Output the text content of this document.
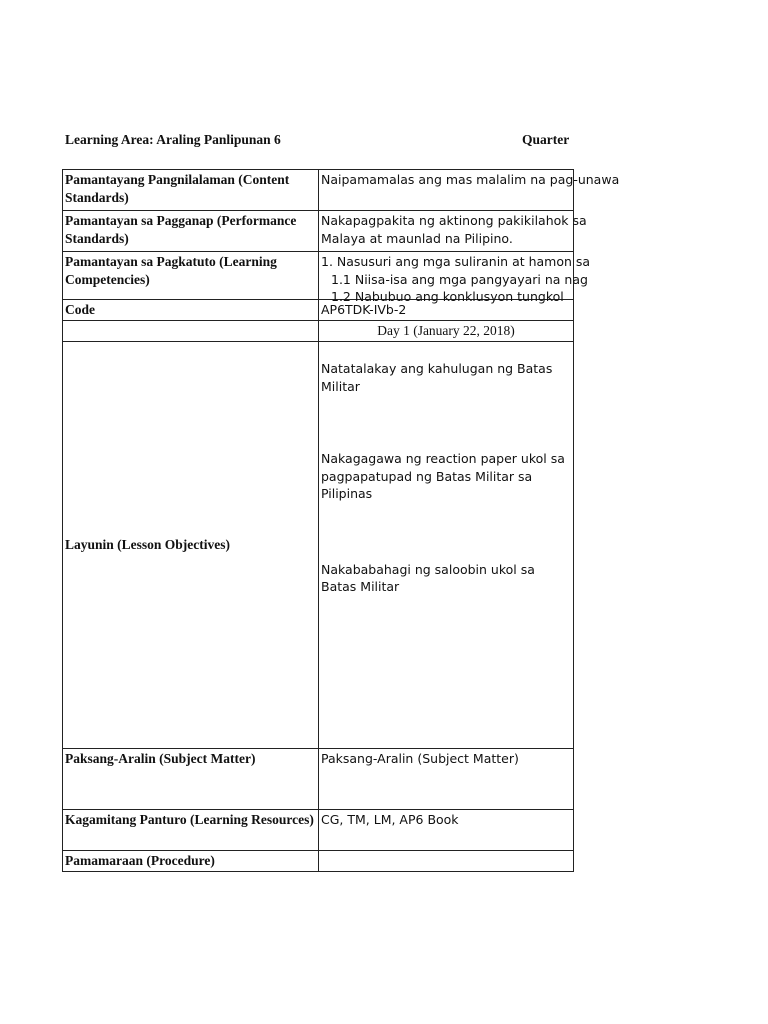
Learning Area: Araling Panlipunan 6	Quarter
Pamantayang Pangnilalaman (Content Standards)	Naipamamalas ang mas malalim na pag-unawa

Pamantayan sa Pagganap (Performance Standards)	Nakapagpakita ng aktinong pakikilahok sa
Malaya at maunlad na Pilipino.

Pamantayan sa Pagkatuto (Learning Competencies)	1. Nasusuri ang mga suliranin at hamon sa
1.1 Niisa-isa ang mga pangyayari na nag
1.2 Nabubuo ang konklusyon tungkol

Code	AP6TDK-IVb-2
	Day 1 (January 22, 2018)
Layunin (Lesson Objectives)	Natatalakay ang kahulugan ng Batas Militar

Nakagagawa ng reaction paper ukol sa pagpapatupad ng Batas Militar sa Pilipinas

Nakababahagi ng saloobin ukol sa Batas Militar

Paksang-Aralin (Subject Matter)	Paksang-Aralin (Subject Matter)
Kagamitang Panturo (Learning Resources)	CG, TM, LM, AP6 Book
Pamamaraan (Procedure)	
